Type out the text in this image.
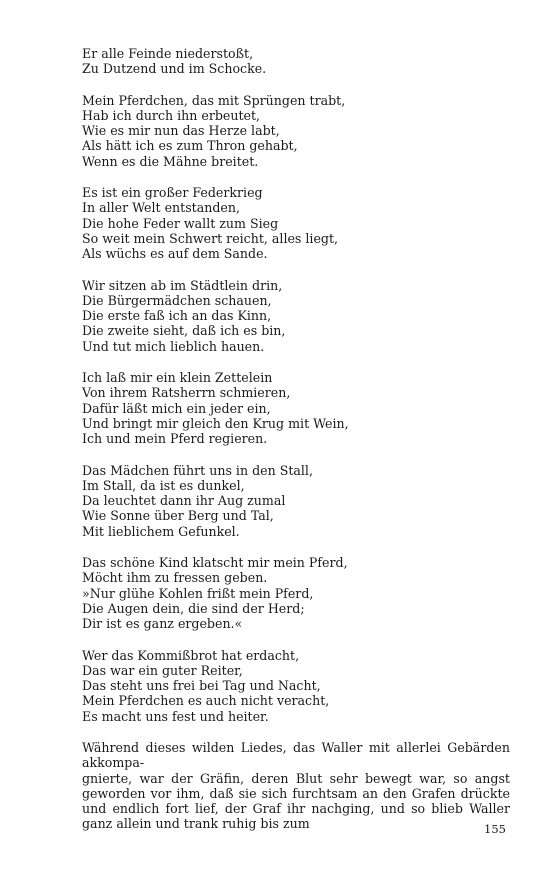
Er alle Feinde niederstoßt,
Zu Dutzend und im Schocke.
Mein Pferdchen, das mit Sprüngen trabt,
Hab ich durch ihn erbeutet,
Wie es mir nun das Herze labt,
Als hätt ich es zum Thron gehabt,
Wenn es die Mähne breitet.
Es ist ein großer Federkrieg
In aller Welt entstanden,
Die hohe Feder wallt zum Sieg
So weit mein Schwert reicht, alles liegt,
Als wüchs es auf dem Sande.
Wir sitzen ab im Städtlein drin,
Die Bürgermädchen schauen,
Die erste faß ich an das Kinn,
Die zweite sieht, daß ich es bin,
Und tut mich lieblich hauen.
Ich laß mir ein klein Zettelein
Von ihrem Ratsherrn schmieren,
Dafür läßt mich ein jeder ein,
Und bringt mir gleich den Krug mit Wein,
Ich und mein Pferd regieren.
Das Mädchen führt uns in den Stall,
Im Stall, da ist es dunkel,
Da leuchtet dann ihr Aug zumal
Wie Sonne über Berg und Tal,
Mit lieblichem Gefunkel.
Das schöne Kind klatscht mir mein Pferd,
Möcht ihm zu fressen geben.
»Nur glühe Kohlen frißt mein Pferd,
Die Augen dein, die sind der Herd;
Dir ist es ganz ergeben.«
Wer das Kommißbrot hat erdacht,
Das war ein guter Reiter,
Das steht uns frei bei Tag und Nacht,
Mein Pferdchen es auch nicht veracht,
Es macht uns fest und heiter.
Während dieses wilden Liedes, das Waller mit allerlei Gebärden akkompa-
gnierte, war der Gräfin, deren Blut sehr bewegt war, so angst geworden vor ihm, daß sie sich furchtsam an den Grafen drückte und endlich fort lief, der Graf ihr nachging, und so blieb Waller ganz allein und trank ruhig bis zum	155
